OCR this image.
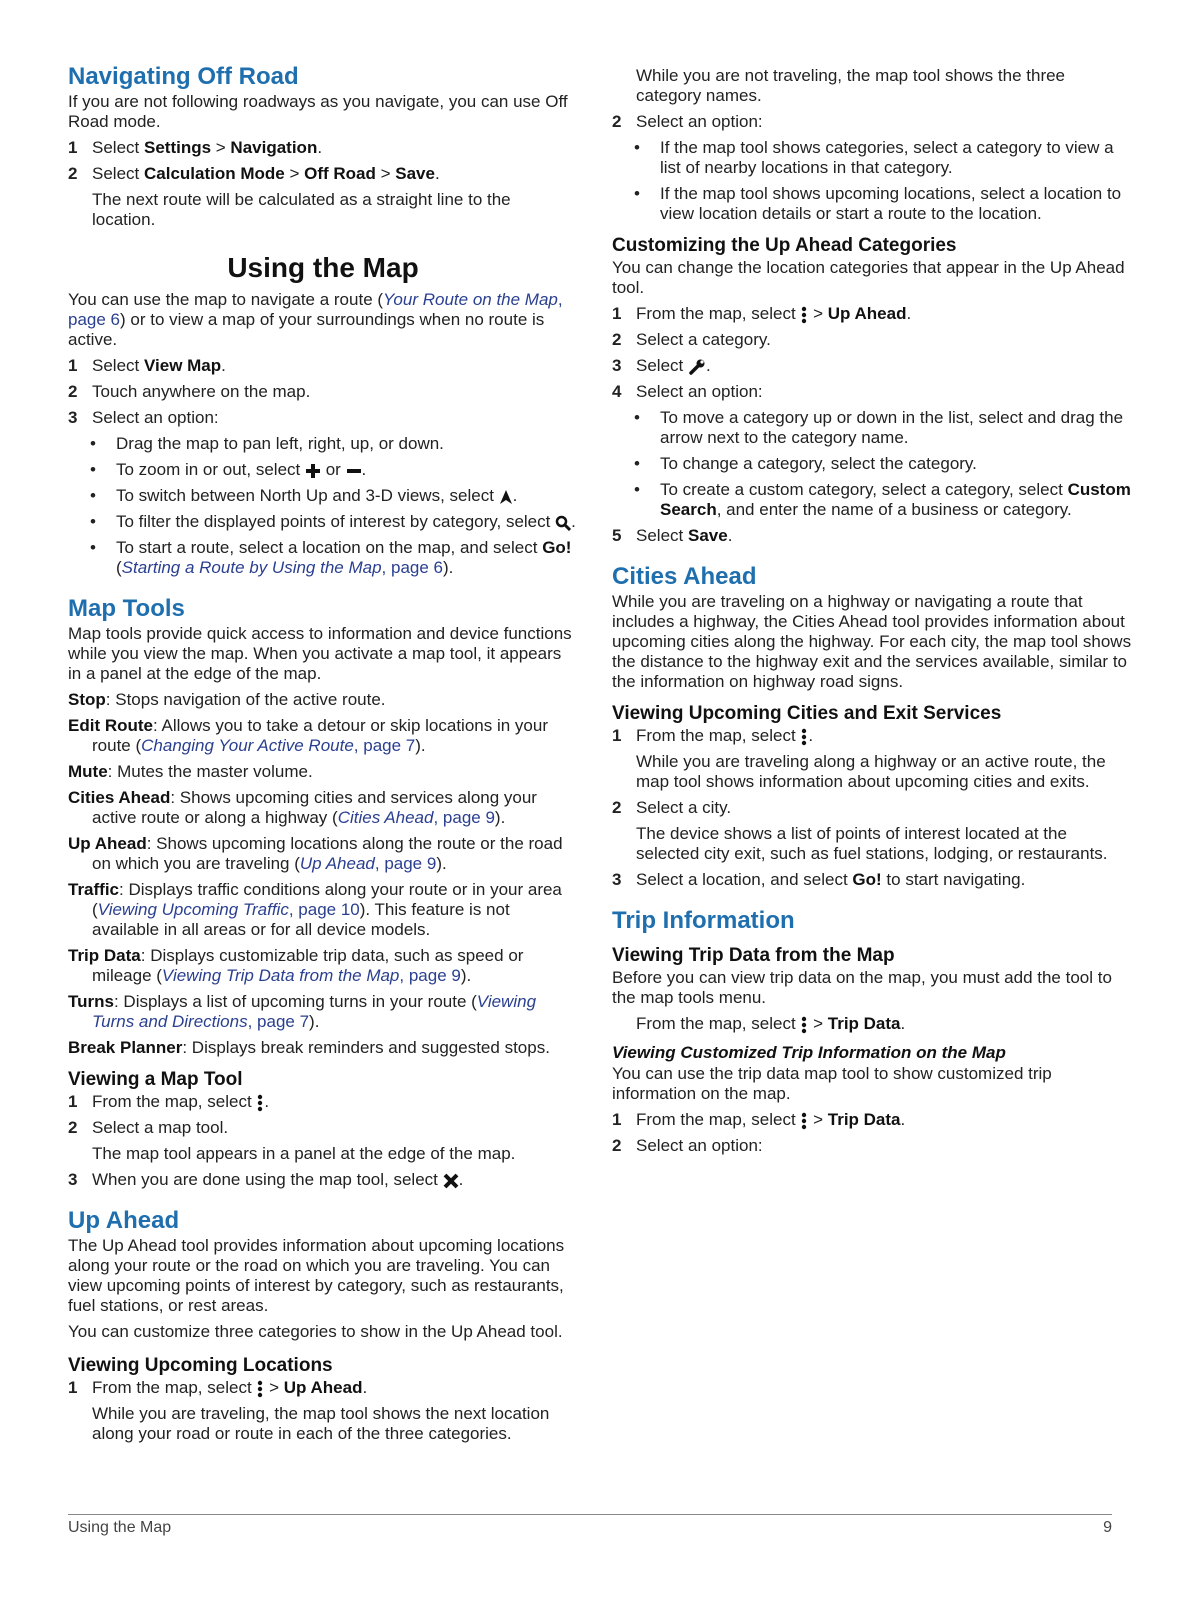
Navigating Off Road

If you are not following roadways as you navigate, you can use Off Road mode.

1 Select Settings > Navigation.
2 Select Calculation Mode > Off Road > Save.
The next route will be calculated as a straight line to the location.
Using the Map

You can use the map to navigate a route (Your Route on the Map, page 6) or to view a map of your surroundings when no route is active.

1 Select View Map.
2 Touch anywhere on the map.
3 Select an option:
• Drag the map to pan left, right, up, or down.
• To zoom in or out, select  or .
• To switch between North Up and 3-D views, select .
• To filter the displayed points of interest by category, select .
• To start a route, select a location on the map, and select Go! (Starting a Route by Using the Map, page 6).
Map Tools

Map tools provide quick access to information and device functions while you view the map. When you activate a map tool, it appears in a panel at the edge of the map.

Stop: Stops navigation of the active route.
Edit Route: Allows you to take a detour or skip locations in your route (Changing Your Active Route, page 7).
Mute: Mutes the master volume.
Cities Ahead: Shows upcoming cities and services along your active route or along a highway (Cities Ahead, page 9).
Up Ahead: Shows upcoming locations along the route or the road on which you are traveling (Up Ahead, page 9).
Traffic: Displays traffic conditions along your route or in your area (Viewing Upcoming Traffic, page 10). This feature is not available in all areas or for all device models.
Trip Data: Displays customizable trip data, such as speed or mileage (Viewing Trip Data from the Map, page 9).
Turns: Displays a list of upcoming turns in your route (Viewing Turns and Directions, page 7).
Break Planner: Displays break reminders and suggested stops.
Viewing a Map Tool
1 From the map, select .
2 Select a map tool.
The map tool appears in a panel at the edge of the map.
3 When you are done using the map tool, select .
Up Ahead

The Up Ahead tool provides information about upcoming locations along your route or the road on which you are traveling. You can view upcoming points of interest by category, such as restaurants, fuel stations, or rest areas.

You can customize three categories to show in the Up Ahead tool.

Viewing Upcoming Locations
1 From the map, select  > Up Ahead.
While you are traveling, the map tool shows the next location along your road or route in each of the three categories.
While you are not traveling, the map tool shows the three category names.
2 Select an option:
• If the map tool shows categories, select a category to view a list of nearby locations in that category.
• If the map tool shows upcoming locations, select a location to view location details or start a route to the location.
Customizing the Up Ahead Categories

You can change the location categories that appear in the Up Ahead tool.

1 From the map, select  > Up Ahead.
2 Select a category.
3 Select .
4 Select an option:
• To move a category up or down in the list, select and drag the arrow next to the category name.
• To change a category, select the category.
• To create a custom category, select a category, select Custom Search, and enter the name of a business or category.
5 Select Save.
Cities Ahead

While you are traveling on a highway or navigating a route that includes a highway, the Cities Ahead tool provides information about upcoming cities along the highway. For each city, the map tool shows the distance to the highway exit and the services available, similar to the information on highway road signs.

Viewing Upcoming Cities and Exit Services
1 From the map, select .
While you are traveling along a highway or an active route, the map tool shows information about upcoming cities and exits.
2 Select a city.
The device shows a list of points of interest located at the selected city exit, such as fuel stations, lodging, or restaurants.
3 Select a location, and select Go! to start navigating.
Trip Information
Viewing Trip Data from the Map

Before you can view trip data on the map, you must add the tool to the map tools menu.

From the map, select  > Trip Data.
Viewing Customized Trip Information on the Map

You can use the trip data map tool to show customized trip information on the map.

1 From the map, select  > Trip Data.
2 Select an option:
Using the Map	9
